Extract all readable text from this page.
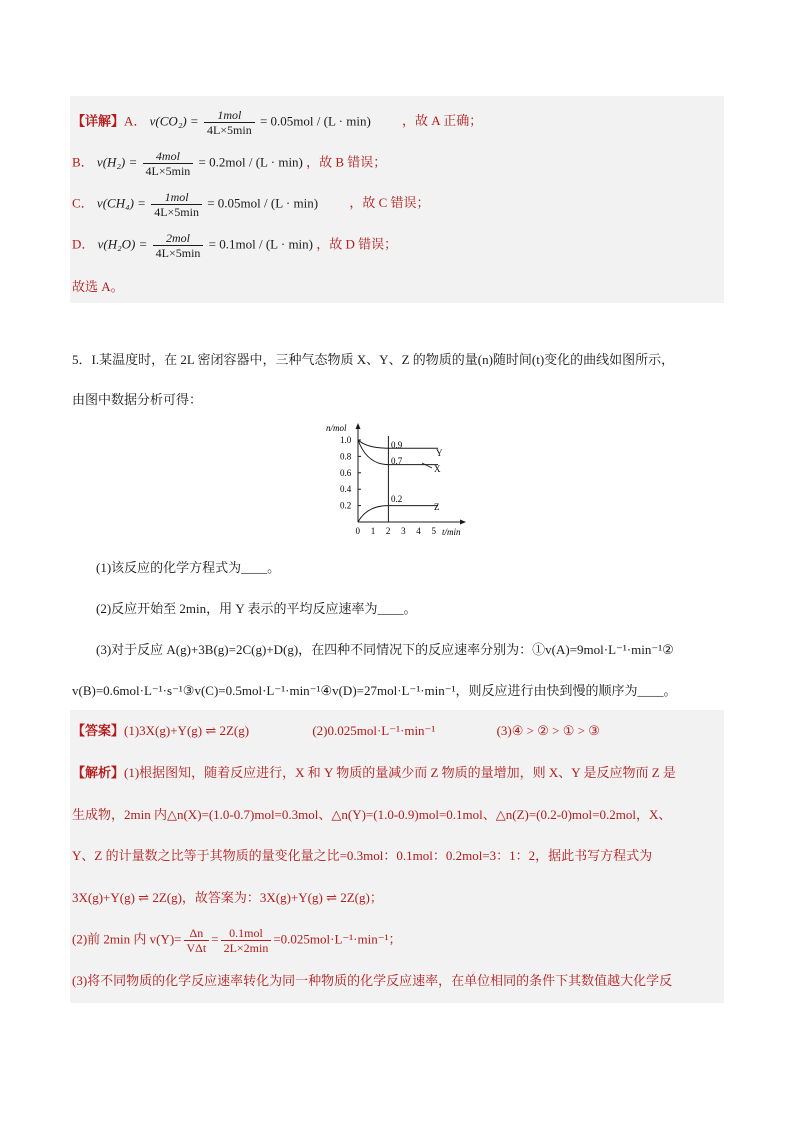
【详解】A． $v(CO_2) = \frac{\text{1mol}}{4L\times 5\min} = 0.05mol / (L \cdot \min)$ ，故 A 正确；
B． $v(H_2) = \frac{\text{4mol}}{4L\times 5\min} = 0.2mol / (L \cdot \min)$ ，故 B 错误；
C． $v(CH_4) = \frac{\text{1mol}}{4L\times 5\min} = 0.05mol / (L \cdot \min)$ ，故 C 错误；
D． $v(H_2O) = \frac{\text{2mol}}{4L\times 5\min} = 0.1mol / (L \cdot \min)$ ，故 D 错误；
故选 A。
5．I.某温度时，在 2L 密闭容器中，三种气态物质 X、Y、Z 的物质的量(n)随时间(t)变化的曲线如图所示，
由图中数据分析可得：
n/mol
t/min
1.0
0.8
0.6
0.4
0.2
0 1 2 3 4 5
0.9
0.7
0.2
Y
X
Z
(1)该反应的化学方程式为____。
(2)反应开始至 2min，用 Y 表示的平均反应速率为____。
(3)对于反应 A(g)+3B(g)=2C(g)+D(g)，在四种不同情况下的反应速率分别为：①v(A)=9mol·L⁻¹·min⁻¹②
v(B)=0.6mol·L⁻¹·s⁻¹③v(C)=0.5mol·L⁻¹·min⁻¹④v(D)=27mol·L⁻¹·min⁻¹，则反应进行由快到慢的顺序为____。
【答案】(1)3X(g)+Y(g) ⇌ 2Z(g)	(2)0.025mol·L⁻¹·min⁻¹	(3)④ > ② > ① > ③
【解析】(1)根据图知，随着反应进行，X 和 Y 物质的量减少而 Z 物质的量增加，则 X、Y 是反应物而 Z 是
生成物，2min 内△n(X)=(1.0-0.7)mol=0.3mol、△n(Y)=(1.0-0.9)mol=0.1mol、△n(Z)=(0.2-0)mol=0.2mol，X、
Y、Z 的计量数之比等于其物质的量变化量之比=0.3mol：0.1mol：0.2mol=3：1：2，据此书写方程式为
3X(g)+Y(g) ⇌ 2Z(g)，故答案为：3X(g)+Y(g) ⇌ 2Z(g)；
(2)前 2min 内 $v(Y)= \frac{\Delta n}{\text{VΔt}} = \frac{\text{0.1mol}}{2L\times 2\min} =0.025mol\cdot L^{-1}\cdot\min^{-1}$；
(3)将不同物质的化学反应速率转化为同一种物质的化学反应速率，在单位相同的条件下其数值越大化学反
